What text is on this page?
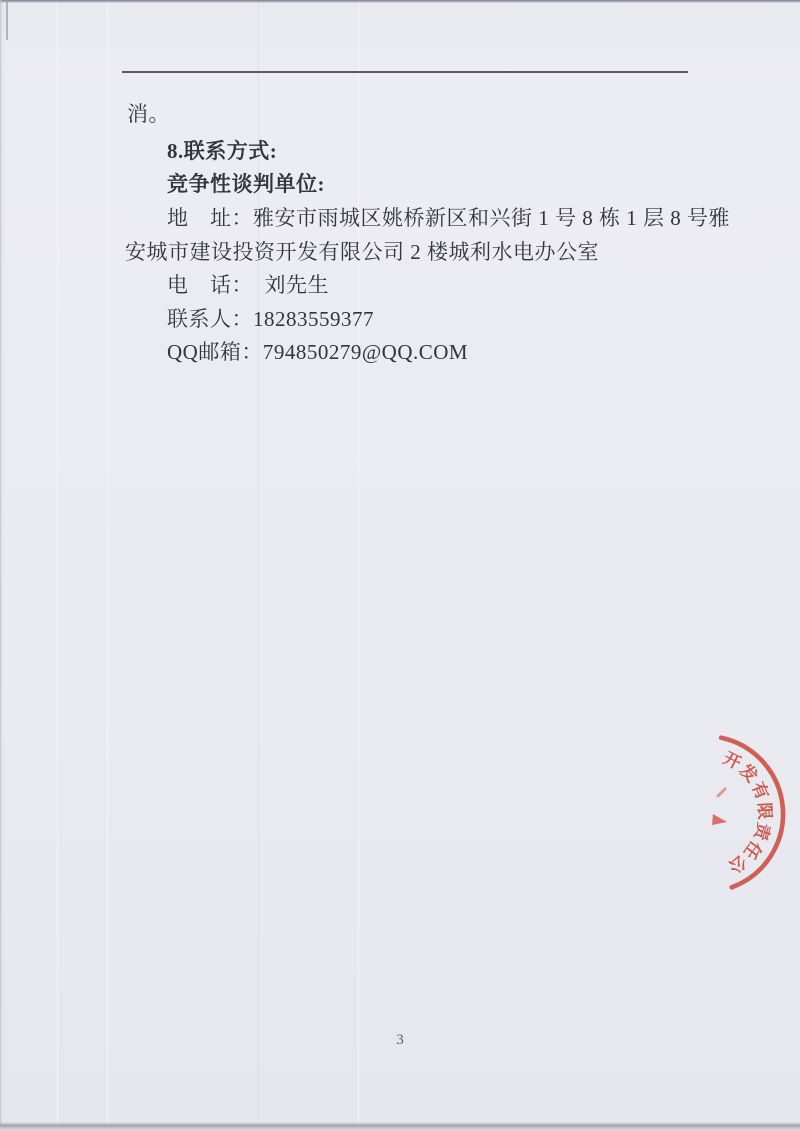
消。
8.联系方式:
竞争性谈判单位:
地　址：雅安市雨城区姚桥新区和兴街 1 号 8 栋 1 层 8 号雅
安城市建设投资开发有限公司 2 楼城利水电办公室
电　话：  刘先生
联系人：18283559377
QQ邮箱：794850279@QQ.COM
开
发
有
限
责
任
公
3
